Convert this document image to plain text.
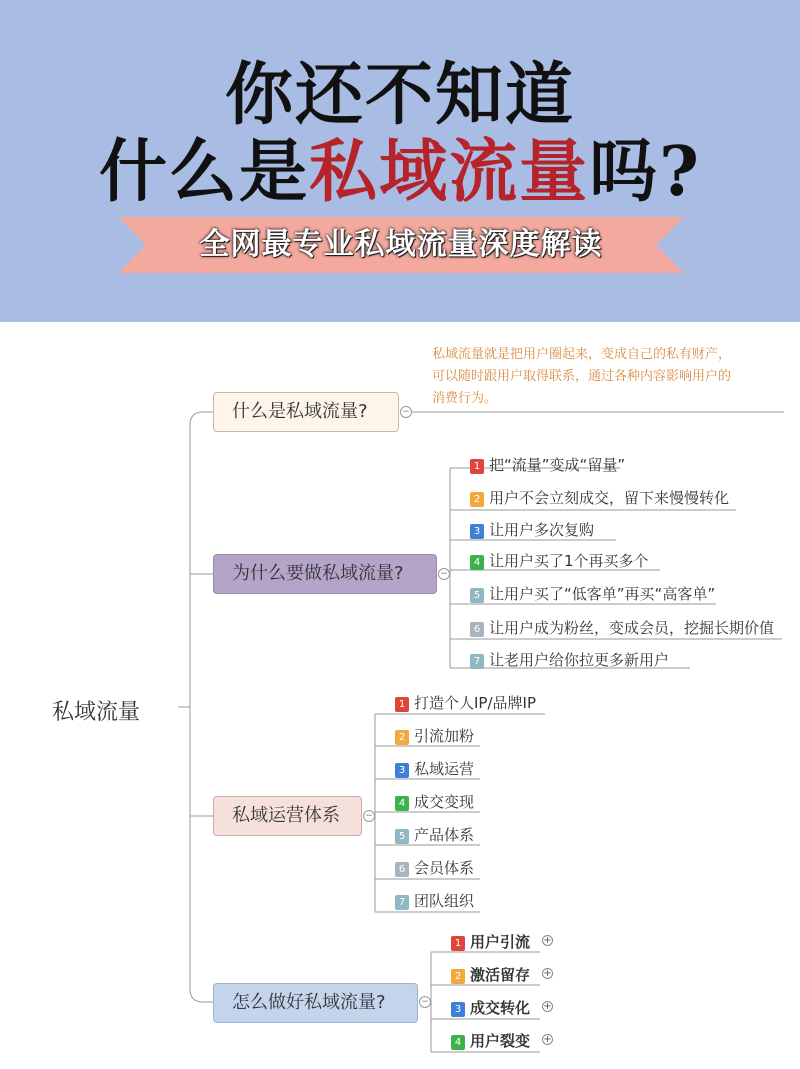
你还不知道
什么是私域流量吗?
全网最专业私域流量深度解读
私域流量
什么是私域流量?	−
私域流量就是把用户圈起来，变成自己的私有财产，
可以随时跟用户取得联系，通过各种内容影响用户的
消费行为。
为什么要做私域流量?	−
1 把“流量”变成“留量”
2 用户不会立刻成交，留下来慢慢转化
3 让用户多次复购
4 让用户买了1个再买多个
5 让用户买了“低客单”再买“高客单”
6 让用户成为粉丝，变成会员，挖掘长期价值
7 让老用户给你拉更多新用户
私域运营体系	−
1 打造个人IP/品牌IP
2 引流加粉
3 私域运营
4 成交变现
5 产品体系
6 会员体系
7 团队组织
怎么做好私域流量?	−
1 用户引流
2 激活留存
3 成交转化
4 用户裂变
+
+
+
+
